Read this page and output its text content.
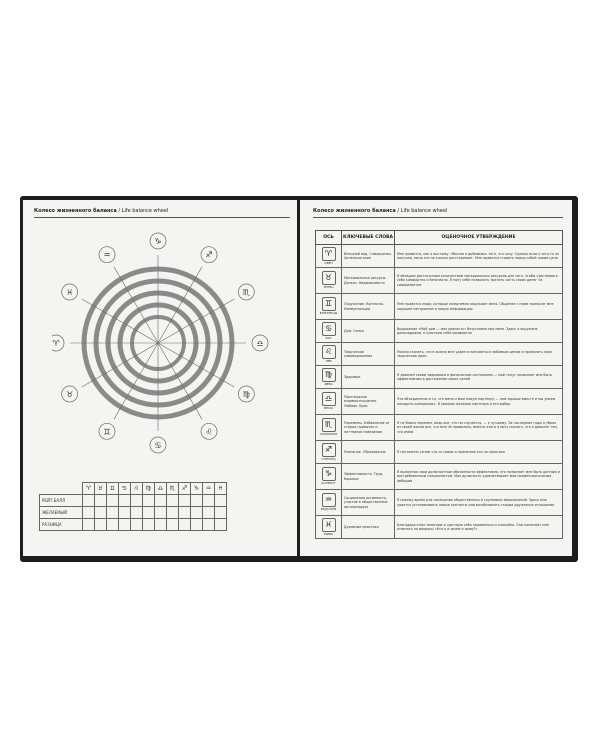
Колесо жизненного баланса / Life balance wheel	Колесо жизненного баланса / Life balance wheel
♑
♐
♏
♎
♍
♌
♋
♊
♉
♈
♓
♒
	♈	♉	♊	♋	♌	♍	♎	♏	♐	♑	♒	♓
РЕЙТ.БАЛЛ												
ЖЕЛАЕМЫЙ												
РАЗНИЦА												
ОСЬ	КЛЮЧЕВЫЕ СЛОВА	ОЦЕНОЧНОЕ УТВЕРЖДЕНИЕ

♈
ОВЕН	Внешний вид. Самооценка. Целеполагание	Мне нравится, как я выгляжу. Обычно я добиваюсь того, что хочу. Однако если я чего-то не получаю, меня это не сильно расстраивает. Мне нравится ставить перед собой новые цели

♉
ТЕЛЕЦ	Материальные ресурсы. Деньги. Недвижимость	Я обладаю достаточным количеством материальных ресурсов для того, чтобы чувствовать себя комфортно и безопасно. Я могу себе позволить тратить часть своих денег на саморазвитие

♊
БЛИЗНЕЦЫ	Окружение. Контакты. Коммуникации	Мне нравятся люди, которые ежедневно окружают меня. Общение с ними приносит мне хорошее настроение и новую информацию

♋
РАК	Дом. Семья	Выражение «Мой дом — моя крепость» безусловно про меня. Здесь я окружена домочадцами, я чувствую себя комфортно

♌
ЛЕВ	Творческое самовыражение	Можно сказать, что в жизни мне удается заниматься любимым делом и проявлять свои творческие идеи

♍
ДЕВА	Здоровье	Я доволен своим здоровьем и физическим состоянием — мой тонус позволяет мне быть эффективным в достижении своих целей

♎
ВЕСЫ	Партнерские взаимоотношения. Любовь. Брак	Это объединение и то, что меня и мою новую партнеру — нам хорошо вместе и мы умеем находить компромисс. Я уважаю желания партнера и его выбор

♏
СКОРПИОН	Перемены. Избавление от старых привычек и паттернов поведения	Я не боюсь перемен, ведь все, что ни случается, — к лучшему. За последние годы я убрал из своей жизни все, что мне не нравилось, вместо этого я могу сказать, что я доволен тем, что имею

♐
СТРЕЛЕЦ	Познание. Образование	Я постоянно узнаю что-то новое и применяю это на практике

♑
КОЗЕРОГ	Эффективность. Труд. Карьера	Я выполняю свои должностные обязанности эффективно, это позволяет мне быть ценным и востребованным специалистом. Моя должность удовлетворяет мои профессиональные амбиции

♒
ВОДОЛЕЙ	Социальная активность, участие в общественных организациях	Я нахожу время для посещения общественных и групповых мероприятий. Здесь мне удается устанавливать новые контакты или возобновлять старые дружеские отношения

♓
РЫБЫ	Духовные практики	Благодаря этим занятиям я чувствую себя гармонично и спокойно. Они помогают мне отвечать на вопросы «Кто я и зачем я живу?»
